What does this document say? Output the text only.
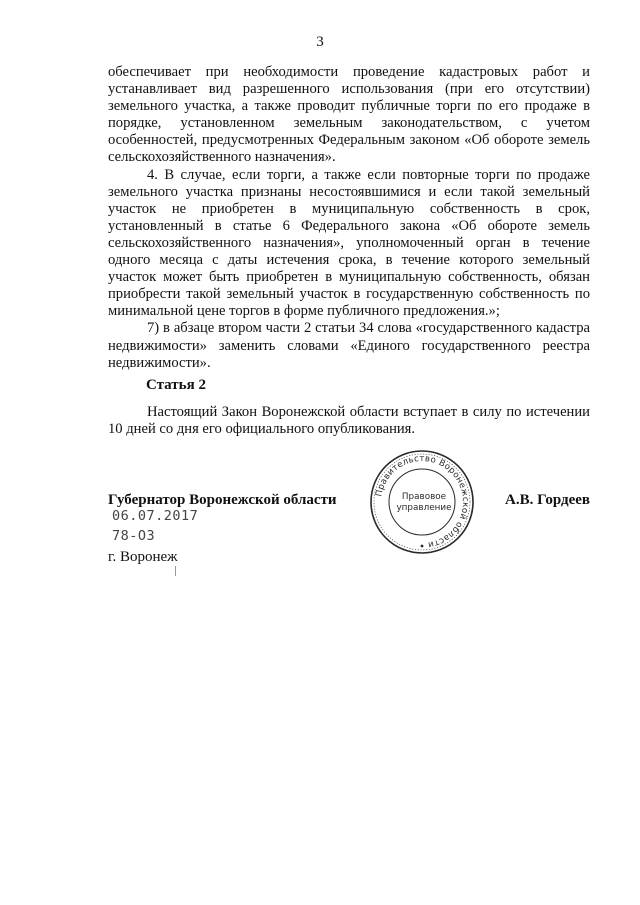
3

обеспечивает при необходимости проведение кадастровых работ и устанавливает вид разрешенного использования (при его отсутствии) земельного участка, а также проводит публичные торги по его продаже в порядке, установленном земельным законодательством, с учетом особенностей, предусмотренных Федеральным законом «Об обороте земель сельскохозяйственного назначения».

4. В случае, если торги, а также если повторные торги по продаже земельного участка признаны несостоявшимися и если такой земельный участок не приобретен в муниципальную собственность в срок, установленный в статье 6 Федерального закона «Об обороте земель сельскохозяйственного назначения», уполномоченный орган в течение одного месяца с даты истечения срока, в течение которого земельный участок может быть приобретен в муниципальную собственность, обязан приобрести такой земельный участок в государственную собственность по минимальной цене торгов в форме публичного предложения.»;

7) в абзаце втором части 2 статьи 34 слова «государственного кадастра недвижимости» заменить словами «Единого государственного реестра недвижимости».

Статья 2
Настоящий Закон Воронежской области вступает в силу по истечении 10 дней со дня его официального опубликования.
Губернатор Воронежской области
06.07.2017
78-ОЗ
г. Воронеж
А.В. Гордеев
Правительство Воронежской области
Правовое
управление
